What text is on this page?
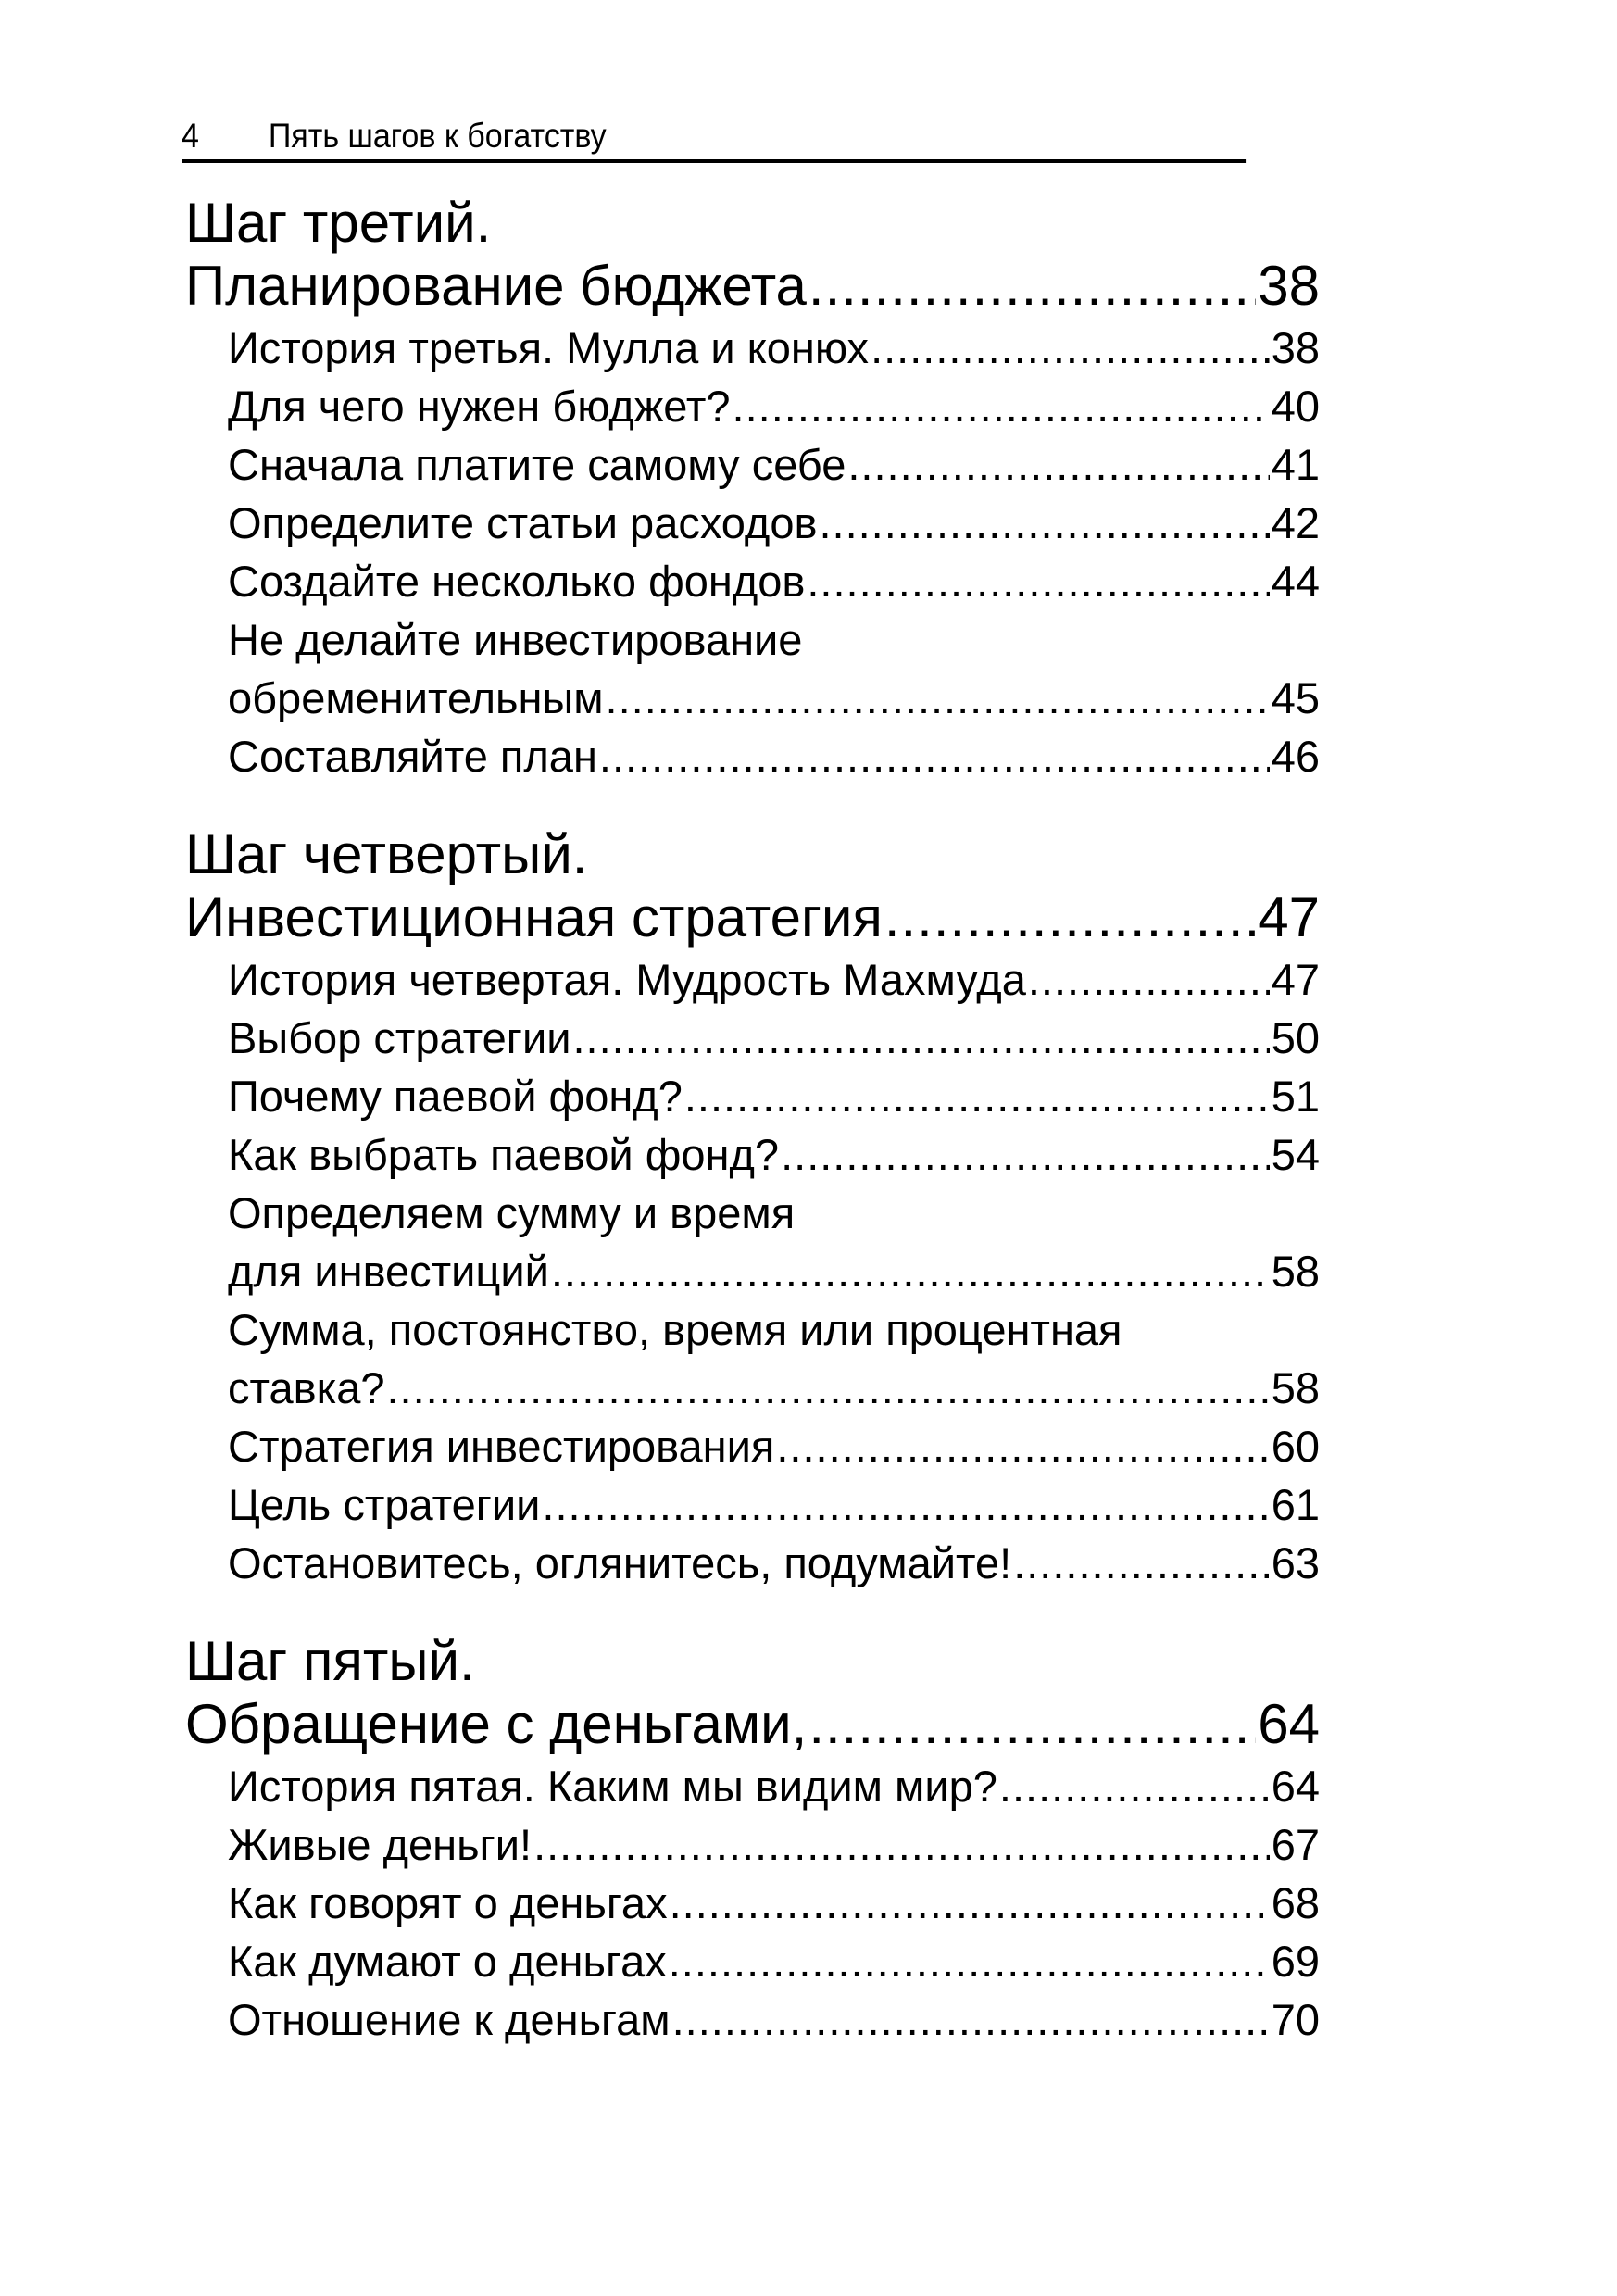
4 Пять шагов к богатству
Шаг третий.
Планирование бюджета .....	38
История третья. Мулла и конюх .....	38
Для чего нужен бюджет? .....	40
Сначала платите самому себе .....	41
Определите статьи расходов .....	42
Создайте несколько фондов .....	44
Не делайте инвестирование
обременительным .....	45
Составляйте план .....	46
Шаг четвертый.
Инвестиционная стратегия .....	47
История четвертая. Мудрость Махмуда .....	47
Выбор стратегии .....	50
Почему паевой фонд? .....	51
Как выбрать паевой фонд? .....	54
Определяем сумму и время
для инвестиций .....	58
Сумма, постоянство, время или процентная
ставка? .....	58
Стратегия инвестирования .....	60
Цель стратегии .....	61
Остановитесь, оглянитесь, подумайте! .....	63
Шаг пятый.
Обращение с деньгами, .....	64
История пятая. Каким мы видим мир? .....	64
Живые деньги! .....	67
Как говорят о деньгах .....	68
Как думают о деньгах .....	69
Отношение к деньгам .....	70
